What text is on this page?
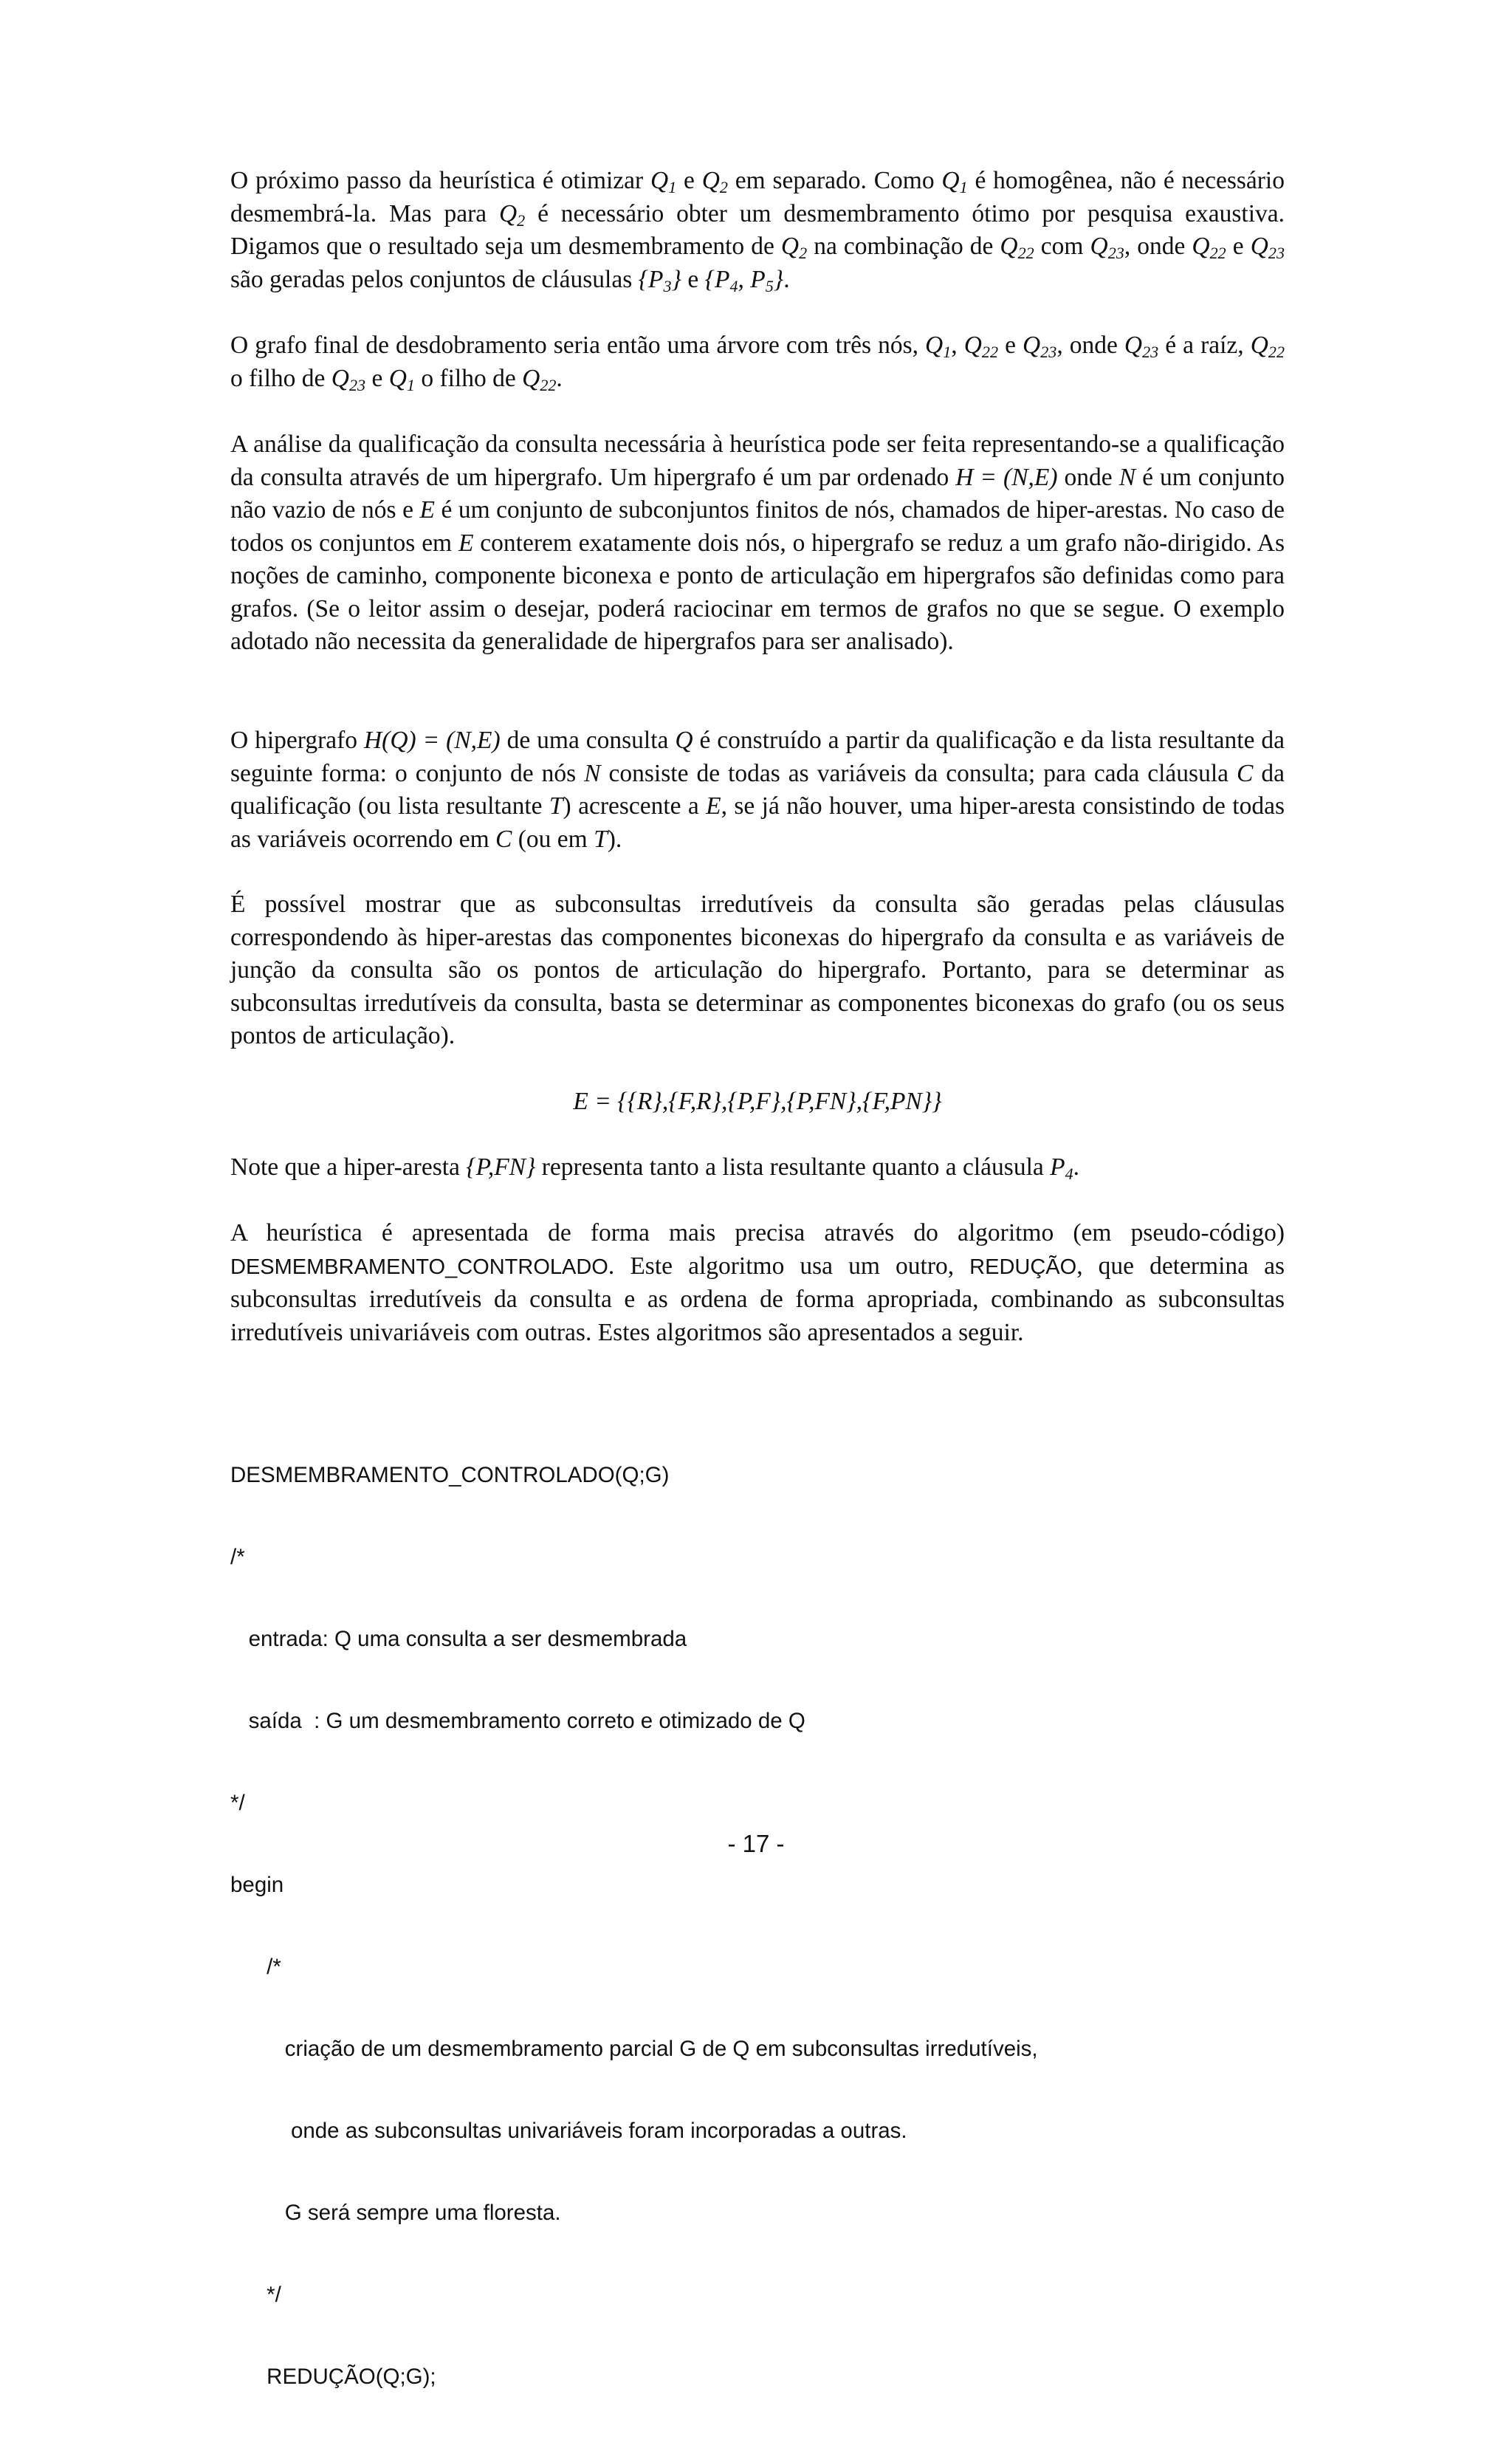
O próximo passo da heurística é otimizar $Q_1$ e $Q_2$ em separado. Como $Q_1$ é homogênea, não é necessário desmembrá-la. Mas para $Q_2$ é necessário obter um desmembramento ótimo por pesquisa exaustiva. Digamos que o resultado seja um desmembramento de $Q_2$ na combinação de $Q_{22}$ com $Q_{23}$, onde $Q_{22}$ e $Q_{23}$ são geradas pelos conjuntos de cláusulas $\{P_3\}$ e {$P_4$, $P_5$}.

O grafo final de desdobramento seria então uma árvore com três nós, $Q_1$, $Q_{22}$ e $Q_{23}$, onde $Q_{23}$ é a raíz, $Q_{22}$ o filho de $Q_{23}$ e $Q_1$ o filho de $Q_{22}$.

A análise da qualificação da consulta necessária à heurística pode ser feita representando-se a qualificação da consulta através de um hipergrafo. Um hipergrafo é um par ordenado H = (N,E) onde N é um conjunto não vazio de nós e E é um conjunto de subconjuntos finitos de nós, chamados de hiper-arestas. No caso de todos os conjuntos em E conterem exatamente dois nós, o hipergrafo se reduz a um grafo não-dirigido. As noções de caminho, componente biconexa e ponto de articulação em hipergrafos são definidas como para grafos. (Se o leitor assim o desejar, poderá raciocinar em termos de grafos no que se segue. O exemplo adotado não necessita da generalidade de hipergrafos para ser analisado).

O hipergrafo H(Q) = (N,E) de uma consulta Q é construído a partir da qualificação e da lista resultante da seguinte forma: o conjunto de nós N consiste de todas as variáveis da consulta; para cada cláusula C da qualificação (ou lista resultante T) acrescente a E, se já não houver, uma hiper-aresta consistindo de todas as variáveis ocorrendo em C (ou em T).

É possível mostrar que as subconsultas irredutíveis da consulta são geradas pelas cláusulas correspondendo às hiper-arestas das componentes biconexas do hipergrafo da consulta e as variáveis de junção da consulta são os pontos de articulação do hipergrafo. Portanto, para se determinar as subconsultas irredutíveis da consulta, basta se determinar as componentes biconexas do grafo (ou os seus pontos de articulação).

E = {{R},{F,R},{P,F},{P,FN},{F,PN}}

Note que a hiper-aresta {P,FN} representa tanto a lista resultante quanto a cláusula $P_4$.

A heurística é apresentada de forma mais precisa através do algoritmo (em pseudo-código) DESMEMBRAMENTO_CONTROLADO. Este algoritmo usa um outro, REDUÇÃO, que determina as subconsultas irredutíveis da consulta e as ordena de forma apropriada, combinando as subconsultas irredutíveis univariáveis com outras. Estes algoritmos são apresentados a seguir.

DESMEMBRAMENTO_CONTROLADO(Q;G)

/*

entrada: Q uma consulta a ser desmembrada

saída  : G um desmembramento correto e otimizado de Q

*/

begin

/*

criação de um desmembramento parcial G de Q em subconsultas irredutíveis,

onde as subconsultas univariáveis foram incorporadas a outras.

G será sempre uma floresta.

*/

REDUÇÃO(Q;G);

- 17 -
